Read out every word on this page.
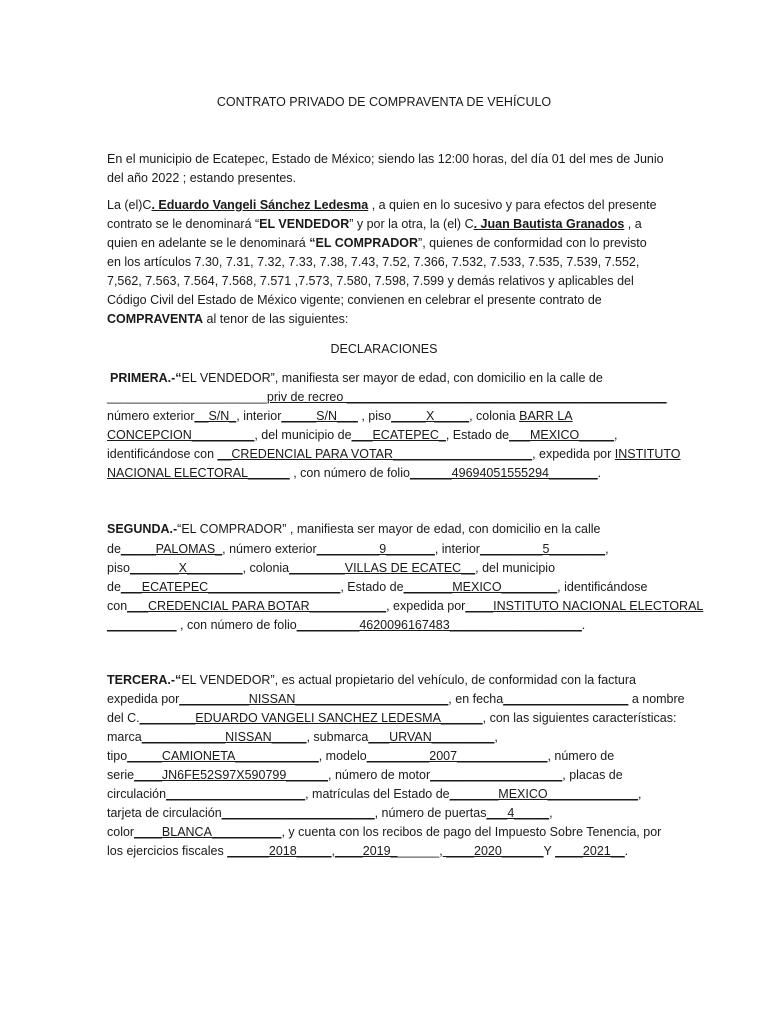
CONTRATO PRIVADO DE COMPRAVENTA DE VEHÍCULO
En el municipio de Ecatepec, Estado de México; siendo las 12:00 horas, del día 01 del mes de Junio
del año 2022 ; estando presentes.
La (el)C. Eduardo Vangeli Sánchez Ledesma , a quien en lo sucesivo y para efectos del presente
contrato se le denominará “EL VENDEDOR” y por la otra, la (el) C. Juan Bautista Granados , a
quien en adelante se le denominará “EL COMPRADOR”, quienes de conformidad con lo previsto
en los artículos 7.30, 7.31, 7.32, 7.33, 7.38, 7.43, 7.52, 7.366, 7.532, 7.533, 7.535, 7.539, 7.552,
7,562, 7.563, 7.564, 7.568, 7.571 ,7.573, 7.580, 7.598, 7.599 y demás relativos y aplicables del
Código Civil del Estado de México vigente; convienen en celebrar el presente contrato de
COMPRAVENTA al tenor de las siguientes:
DECLARACIONES
PRIMERA.-“EL VENDEDOR”, manifiesta ser mayor de edad, con domicilio en la calle de
_______________________priv de recreo ______________________________________________
número exterior__S/N_, interior_____S/N___ , piso_____X_____, colonia BARR LA
CONCEPCION_________, del municipio de___ECATEPEC_, Estado de___MEXICO_____,
identificándose con __CREDENCIAL PARA VOTAR____________________, expedida por INSTITUTO
NACIONAL ELECTORAL______ , con número de folio______49694051555294_______.
SEGUNDA.-“EL COMPRADOR” , manifiesta ser mayor de edad, con domicilio en la calle
de_____PALOMAS_, número exterior_________9_______, interior_________5________,
piso_______X________, colonia________VILLAS DE ECATEC__, del municipio
de___ECATEPEC___________________, Estado de_______MEXICO________, identificándose
con___CREDENCIAL PARA BOTAR___________, expedida por____INSTITUTO NACIONAL ELECTORAL
__________ , con número de folio_________4620096167483___________________.
TERCERA.-“EL VENDEDOR”, es actual propietario del vehículo, de conformidad con la factura
expedida por__________NISSAN______________________, en fecha__________________ a nombre
del C.________EDUARDO VANGELI SANCHEZ LEDESMA______, con las siguientes características:
marca____________NISSAN_____, submarca___URVAN_________,
tipo_____CAMIONETA____________, modelo_________2007_____________, número de
serie____JN6FE52S97X590799______, número de motor___________________, placas de
circulación____________________, matrículas del Estado de_______MEXICO_____________,
tarjeta de circulación______________________, número de puertas___4_____,
color____BLANCA__________, y cuenta con los recibos de pago del Impuesto Sobre Tenencia, por
los ejercicios fiscales ______2018_____,____2019_______, ____2020______Y ____2021__.
